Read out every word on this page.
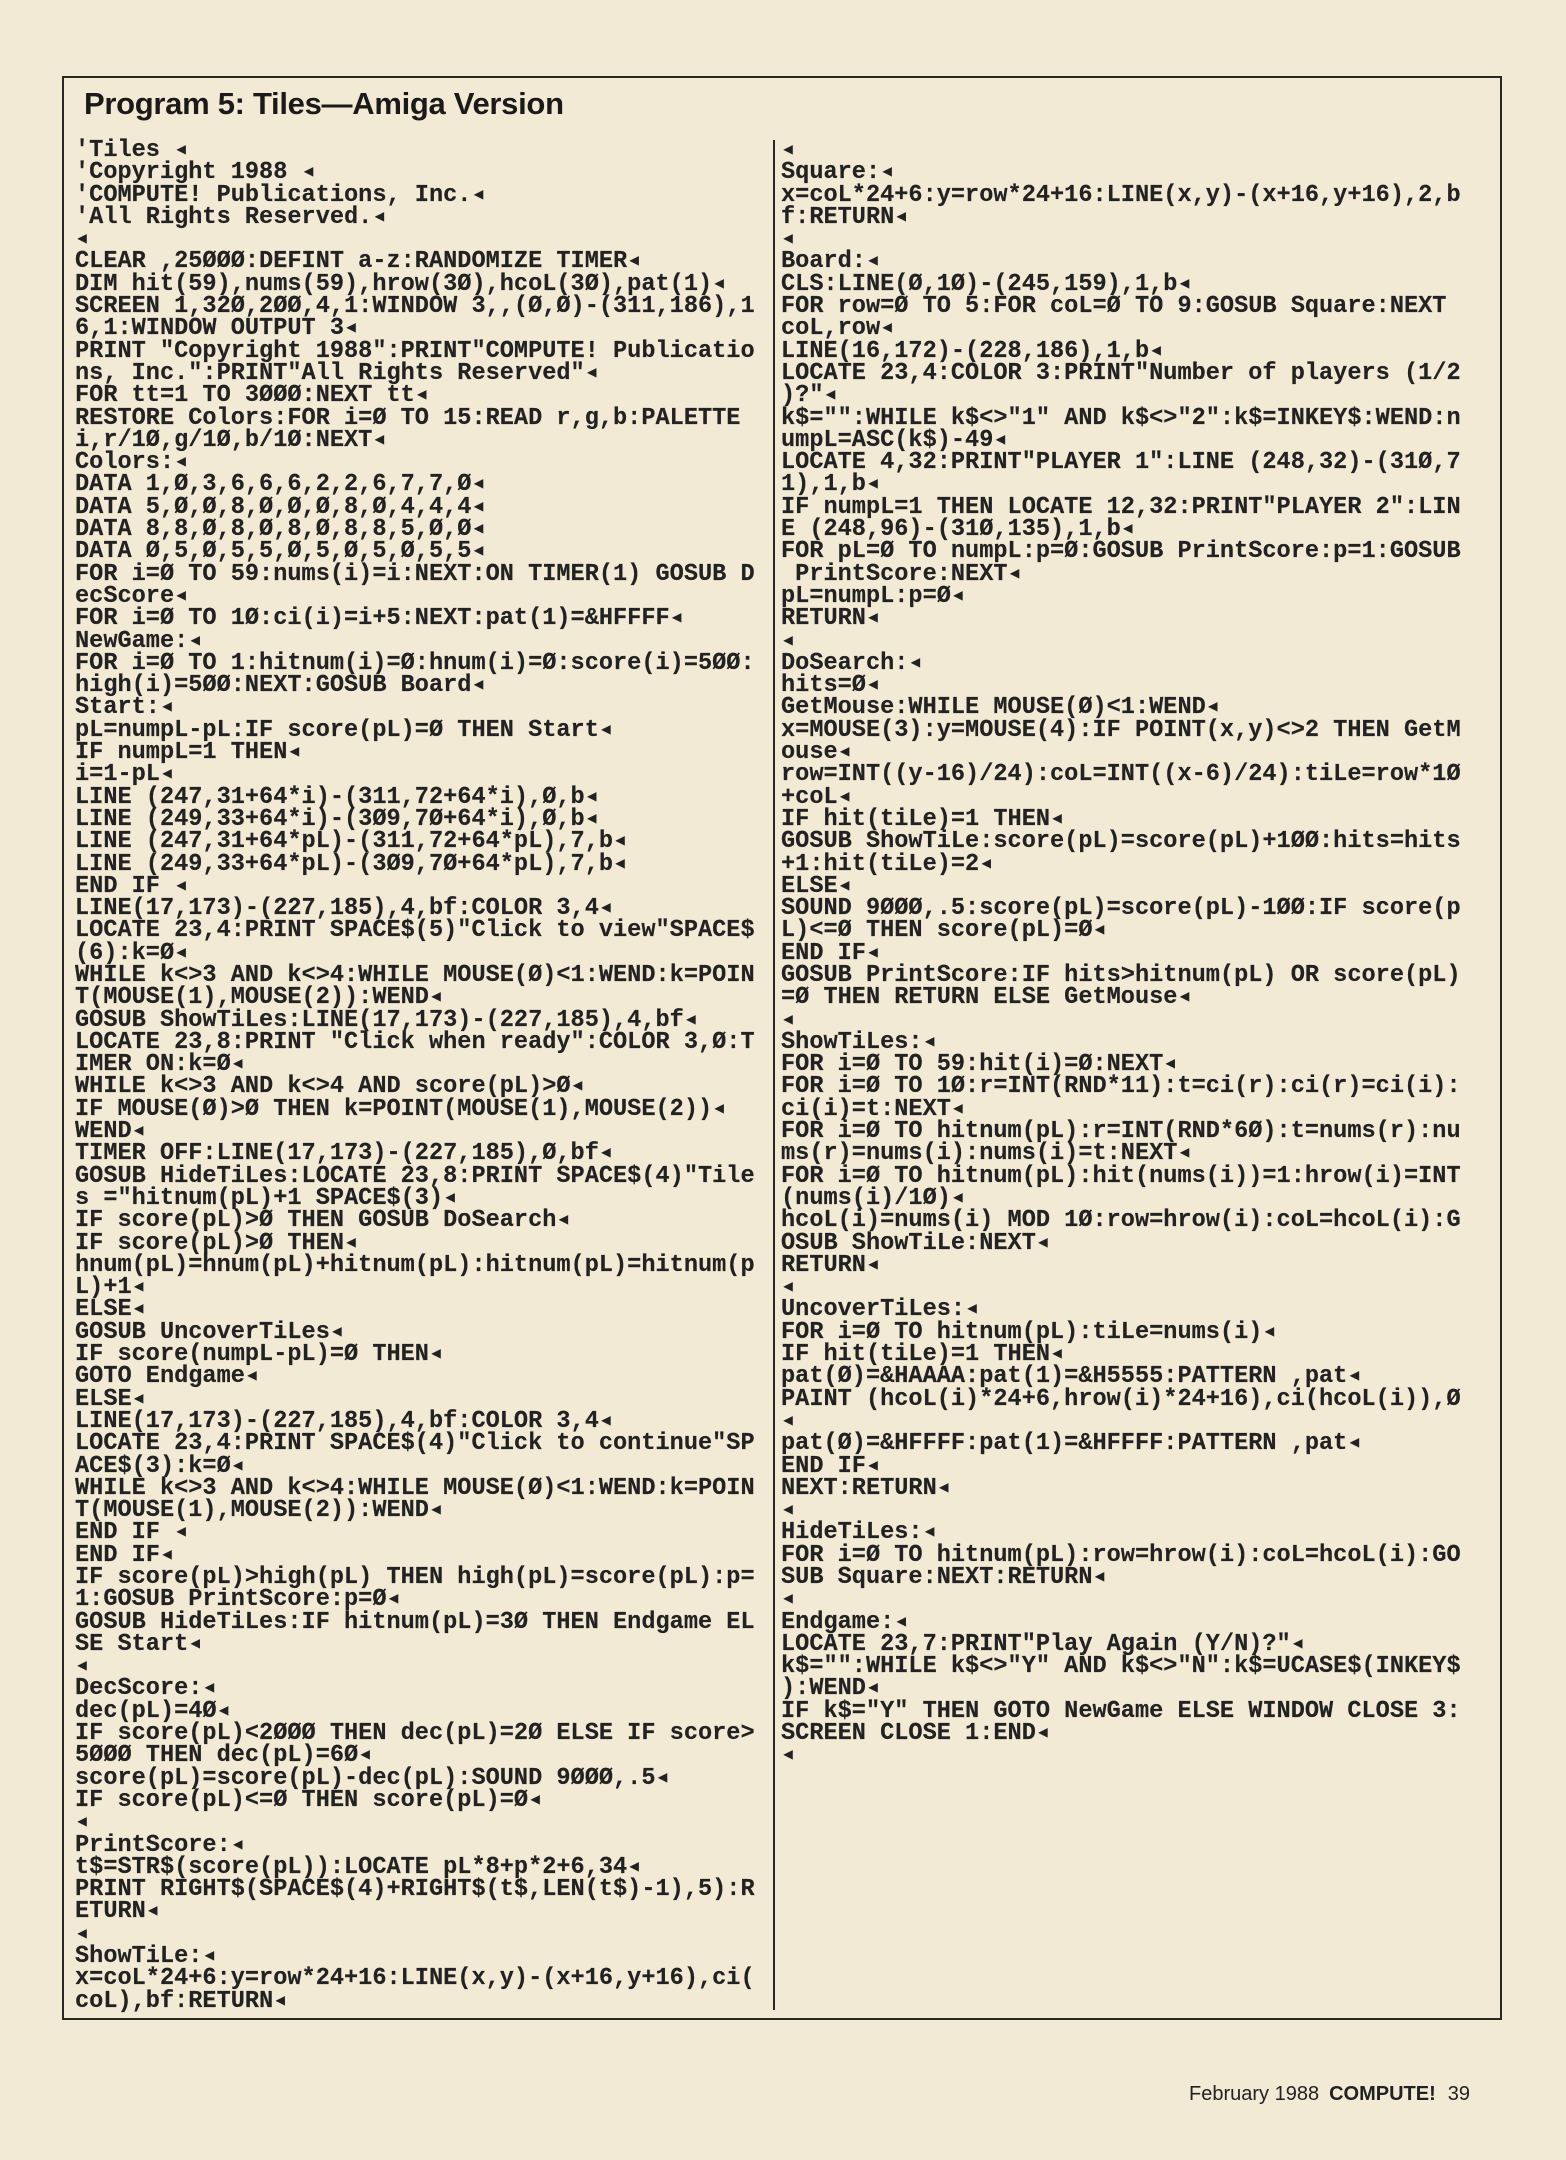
Program 5: Tiles—Amiga Version
'Tiles ◂
'Copyright 1988 ◂
'COMPUTE! Publications, Inc.◂
'All Rights Reserved.◂
◂
CLEAR ,25ØØØ:DEFINT a-z:RANDOMIZE TIMER◂
DIM hit(59),nums(59),hrow(3Ø),hcoL(3Ø),pat(1)◂
SCREEN 1,32Ø,2ØØ,4,1:WINDOW 3,,(Ø,Ø)-(311,186),1
6,1:WINDOW OUTPUT 3◂
PRINT "Copyright 1988":PRINT"COMPUTE! Publicatio
ns, Inc.":PRINT"All Rights Reserved"◂
FOR tt=1 TO 3ØØØ:NEXT tt◂
RESTORE Colors:FOR i=Ø TO 15:READ r,g,b:PALETTE
i,r/1Ø,g/1Ø,b/1Ø:NEXT◂
Colors:◂
DATA 1,Ø,3,6,6,6,2,2,6,7,7,Ø◂
DATA 5,Ø,Ø,8,Ø,Ø,Ø,8,Ø,4,4,4◂
DATA 8,8,Ø,8,Ø,8,Ø,8,8,5,Ø,Ø◂
DATA Ø,5,Ø,5,5,Ø,5,Ø,5,Ø,5,5◂
FOR i=Ø TO 59:nums(i)=i:NEXT:ON TIMER(1) GOSUB D
ecScore◂
FOR i=Ø TO 1Ø:ci(i)=i+5:NEXT:pat(1)=&HFFFF◂
NewGame:◂
FOR i=Ø TO 1:hitnum(i)=Ø:hnum(i)=Ø:score(i)=5ØØ:
high(i)=5ØØ:NEXT:GOSUB Board◂
Start:◂
pL=numpL-pL:IF score(pL)=Ø THEN Start◂
IF numpL=1 THEN◂
i=1-pL◂
LINE (247,31+64*i)-(311,72+64*i),Ø,b◂
LINE (249,33+64*i)-(3Ø9,7Ø+64*i),Ø,b◂
LINE (247,31+64*pL)-(311,72+64*pL),7,b◂
LINE (249,33+64*pL)-(3Ø9,7Ø+64*pL),7,b◂
END IF ◂
LINE(17,173)-(227,185),4,bf:COLOR 3,4◂
LOCATE 23,4:PRINT SPACE$(5)"Click to view"SPACE$
(6):k=Ø◂
WHILE k<>3 AND k<>4:WHILE MOUSE(Ø)<1:WEND:k=POIN
T(MOUSE(1),MOUSE(2)):WEND◂
GOSUB ShowTiLes:LINE(17,173)-(227,185),4,bf◂
LOCATE 23,8:PRINT "Click when ready":COLOR 3,Ø:T
IMER ON:k=Ø◂
WHILE k<>3 AND k<>4 AND score(pL)>Ø◂
IF MOUSE(Ø)>Ø THEN k=POINT(MOUSE(1),MOUSE(2))◂
WEND◂
TIMER OFF:LINE(17,173)-(227,185),Ø,bf◂
GOSUB HideTiLes:LOCATE 23,8:PRINT SPACE$(4)"Tile
s ="hitnum(pL)+1 SPACE$(3)◂
IF score(pL)>Ø THEN GOSUB DoSearch◂
IF score(pL)>Ø THEN◂
hnum(pL)=hnum(pL)+hitnum(pL):hitnum(pL)=hitnum(p
L)+1◂
ELSE◂
GOSUB UncoverTiLes◂
IF score(numpL-pL)=Ø THEN◂
GOTO Endgame◂
ELSE◂
LINE(17,173)-(227,185),4,bf:COLOR 3,4◂
LOCATE 23,4:PRINT SPACE$(4)"Click to continue"SP
ACE$(3):k=Ø◂
WHILE k<>3 AND k<>4:WHILE MOUSE(Ø)<1:WEND:k=POIN
T(MOUSE(1),MOUSE(2)):WEND◂
END IF ◂
END IF◂
IF score(pL)>high(pL) THEN high(pL)=score(pL):p=
1:GOSUB PrintScore:p=Ø◂
GOSUB HideTiLes:IF hitnum(pL)=3Ø THEN Endgame EL
SE Start◂
◂
DecScore:◂
dec(pL)=4Ø◂
IF score(pL)<2ØØØ THEN dec(pL)=2Ø ELSE IF score>
5ØØØ THEN dec(pL)=6Ø◂
score(pL)=score(pL)-dec(pL):SOUND 9ØØØ,.5◂
IF score(pL)<=Ø THEN score(pL)=Ø◂
◂
PrintScore:◂
t$=STR$(score(pL)):LOCATE pL*8+p*2+6,34◂
PRINT RIGHT$(SPACE$(4)+RIGHT$(t$,LEN(t$)-1),5):R
ETURN◂
◂
ShowTiLe:◂
x=coL*24+6:y=row*24+16:LINE(x,y)-(x+16,y+16),ci(
coL),bf:RETURN◂
◂
Square:◂
x=coL*24+6:y=row*24+16:LINE(x,y)-(x+16,y+16),2,b
f:RETURN◂
◂
Board:◂
CLS:LINE(Ø,1Ø)-(245,159),1,b◂
FOR row=Ø TO 5:FOR coL=Ø TO 9:GOSUB Square:NEXT
coL,row◂
LINE(16,172)-(228,186),1,b◂
LOCATE 23,4:COLOR 3:PRINT"Number of players (1/2
)?"◂
k$="":WHILE k$<>"1" AND k$<>"2":k$=INKEY$:WEND:n
umpL=ASC(k$)-49◂
LOCATE 4,32:PRINT"PLAYER 1":LINE (248,32)-(31Ø,7
1),1,b◂
IF numpL=1 THEN LOCATE 12,32:PRINT"PLAYER 2":LIN
E (248,96)-(31Ø,135),1,b◂
FOR pL=Ø TO numpL:p=Ø:GOSUB PrintScore:p=1:GOSUB
PrintScore:NEXT◂
pL=numpL:p=Ø◂
RETURN◂
◂
DoSearch:◂
hits=Ø◂
GetMouse:WHILE MOUSE(Ø)<1:WEND◂
x=MOUSE(3):y=MOUSE(4):IF POINT(x,y)<>2 THEN GetM
ouse◂
row=INT((y-16)/24):coL=INT((x-6)/24):tiLe=row*1Ø
+coL◂
IF hit(tiLe)=1 THEN◂
GOSUB ShowTiLe:score(pL)=score(pL)+1ØØ:hits=hits
+1:hit(tiLe)=2◂
ELSE◂
SOUND 9ØØØ,.5:score(pL)=score(pL)-1ØØ:IF score(p
L)<=Ø THEN score(pL)=Ø◂
END IF◂
GOSUB PrintScore:IF hits>hitnum(pL) OR score(pL)
=Ø THEN RETURN ELSE GetMouse◂
◂
ShowTiLes:◂
FOR i=Ø TO 59:hit(i)=Ø:NEXT◂
FOR i=Ø TO 1Ø:r=INT(RND*11):t=ci(r):ci(r)=ci(i):
ci(i)=t:NEXT◂
FOR i=Ø TO hitnum(pL):r=INT(RND*6Ø):t=nums(r):nu
ms(r)=nums(i):nums(i)=t:NEXT◂
FOR i=Ø TO hitnum(pL):hit(nums(i))=1:hrow(i)=INT
(nums(i)/1Ø)◂
hcoL(i)=nums(i) MOD 1Ø:row=hrow(i):coL=hcoL(i):G
OSUB ShowTiLe:NEXT◂
RETURN◂
◂
UncoverTiLes:◂
FOR i=Ø TO hitnum(pL):tiLe=nums(i)◂
IF hit(tiLe)=1 THEN◂
pat(Ø)=&HAAAA:pat(1)=&H5555:PATTERN ,pat◂
PAINT (hcoL(i)*24+6,hrow(i)*24+16),ci(hcoL(i)),Ø
◂
pat(Ø)=&HFFFF:pat(1)=&HFFFF:PATTERN ,pat◂
END IF◂
NEXT:RETURN◂
◂
HideTiLes:◂
FOR i=Ø TO hitnum(pL):row=hrow(i):coL=hcoL(i):GO
SUB Square:NEXT:RETURN◂
◂
Endgame:◂
LOCATE 23,7:PRINT"Play Again (Y/N)?"◂
k$="":WHILE k$<>"Y" AND k$<>"N":k$=UCASE$(INKEY$
):WEND◂
IF k$="Y" THEN GOTO NewGame ELSE WINDOW CLOSE 3:
SCREEN CLOSE 1:END◂
◂
February 1988 COMPUTE! 39
